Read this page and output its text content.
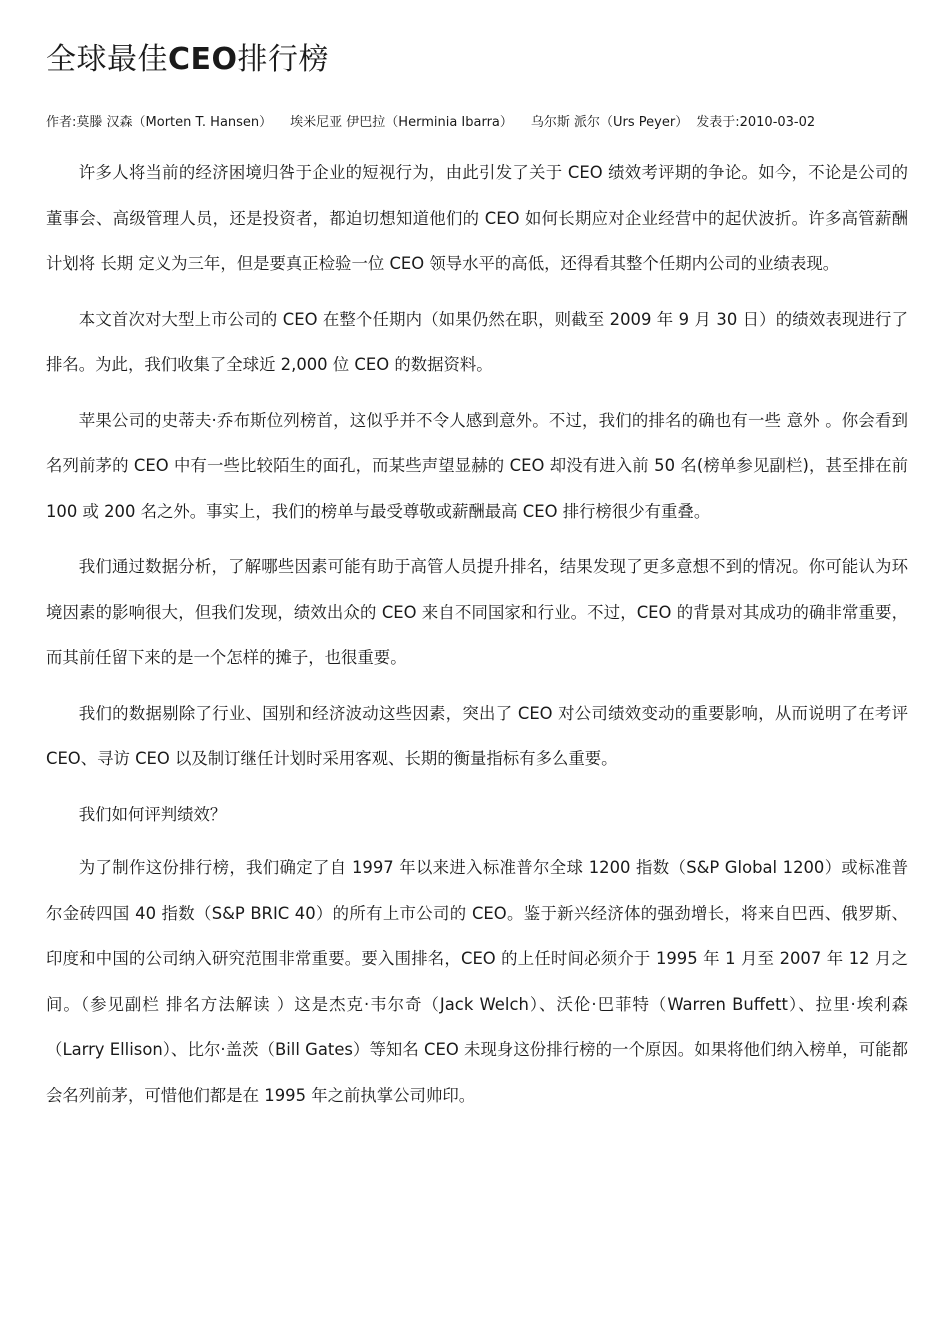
全球最佳CEO排行榜
作者:莫滕 汉森（Morten T. Hansen） 埃米尼亚 伊巴拉（Herminia Ibarra） 乌尔斯 派尔（Urs Peyer） 发表于:2010-03-02

许多人将当前的经济困境归咎于企业的短视行为，由此引发了关于 CEO 绩效考评期的争论。如今，不论是公司的董事会、高级管理人员，还是投资者，都迫切想知道他们的 CEO 如何长期应对企业经营中的起伏波折。许多高管薪酬计划将 长期 定义为三年，但是要真正检验一位 CEO 领导水平的高低，还得看其整个任期内公司的业绩表现。

本文首次对大型上市公司的 CEO 在整个任期内（如果仍然在职，则截至 2009 年 9 月 30 日）的绩效表现进行了排名。为此，我们收集了全球近 2,000 位 CEO 的数据资料。

苹果公司的史蒂夫·乔布斯位列榜首，这似乎并不令人感到意外。不过，我们的排名的确也有一些 意外 。你会看到名列前茅的 CEO 中有一些比较陌生的面孔，而某些声望显赫的 CEO 却没有进入前 50 名(榜单参见副栏)，甚至排在前 100 或 200 名之外。事实上，我们的榜单与最受尊敬或薪酬最高 CEO 排行榜很少有重叠。

我们通过数据分析，了解哪些因素可能有助于高管人员提升排名，结果发现了更多意想不到的情况。你可能认为环境因素的影响很大，但我们发现，绩效出众的 CEO 来自不同国家和行业。不过，CEO 的背景对其成功的确非常重要，而其前任留下来的是一个怎样的摊子，也很重要。

我们的数据剔除了行业、国别和经济波动这些因素，突出了 CEO 对公司绩效变动的重要影响，从而说明了在考评 CEO、寻访 CEO 以及制订继任计划时采用客观、长期的衡量指标有多么重要。

我们如何评判绩效？

为了制作这份排行榜，我们确定了自 1997 年以来进入标准普尔全球 1200 指数（S&P Global 1200）或标准普尔金砖四国 40 指数（S&P BRIC 40）的所有上市公司的 CEO。鉴于新兴经济体的强劲增长，将来自巴西、俄罗斯、印度和中国的公司纳入研究范围非常重要。要入围排名，CEO 的上任时间必须介于 1995 年 1 月至 2007 年 12 月之间。（参见副栏 排名方法解读 ）这是杰克·韦尔奇（Jack Welch）、沃伦·巴菲特（Warren Buffett）、拉里·埃利森（Larry Ellison）、比尔·盖茨（Bill Gates）等知名 CEO 未现身这份排行榜的一个原因。如果将他们纳入榜单，可能都会名列前茅，可惜他们都是在 1995 年之前执掌公司帅印。
